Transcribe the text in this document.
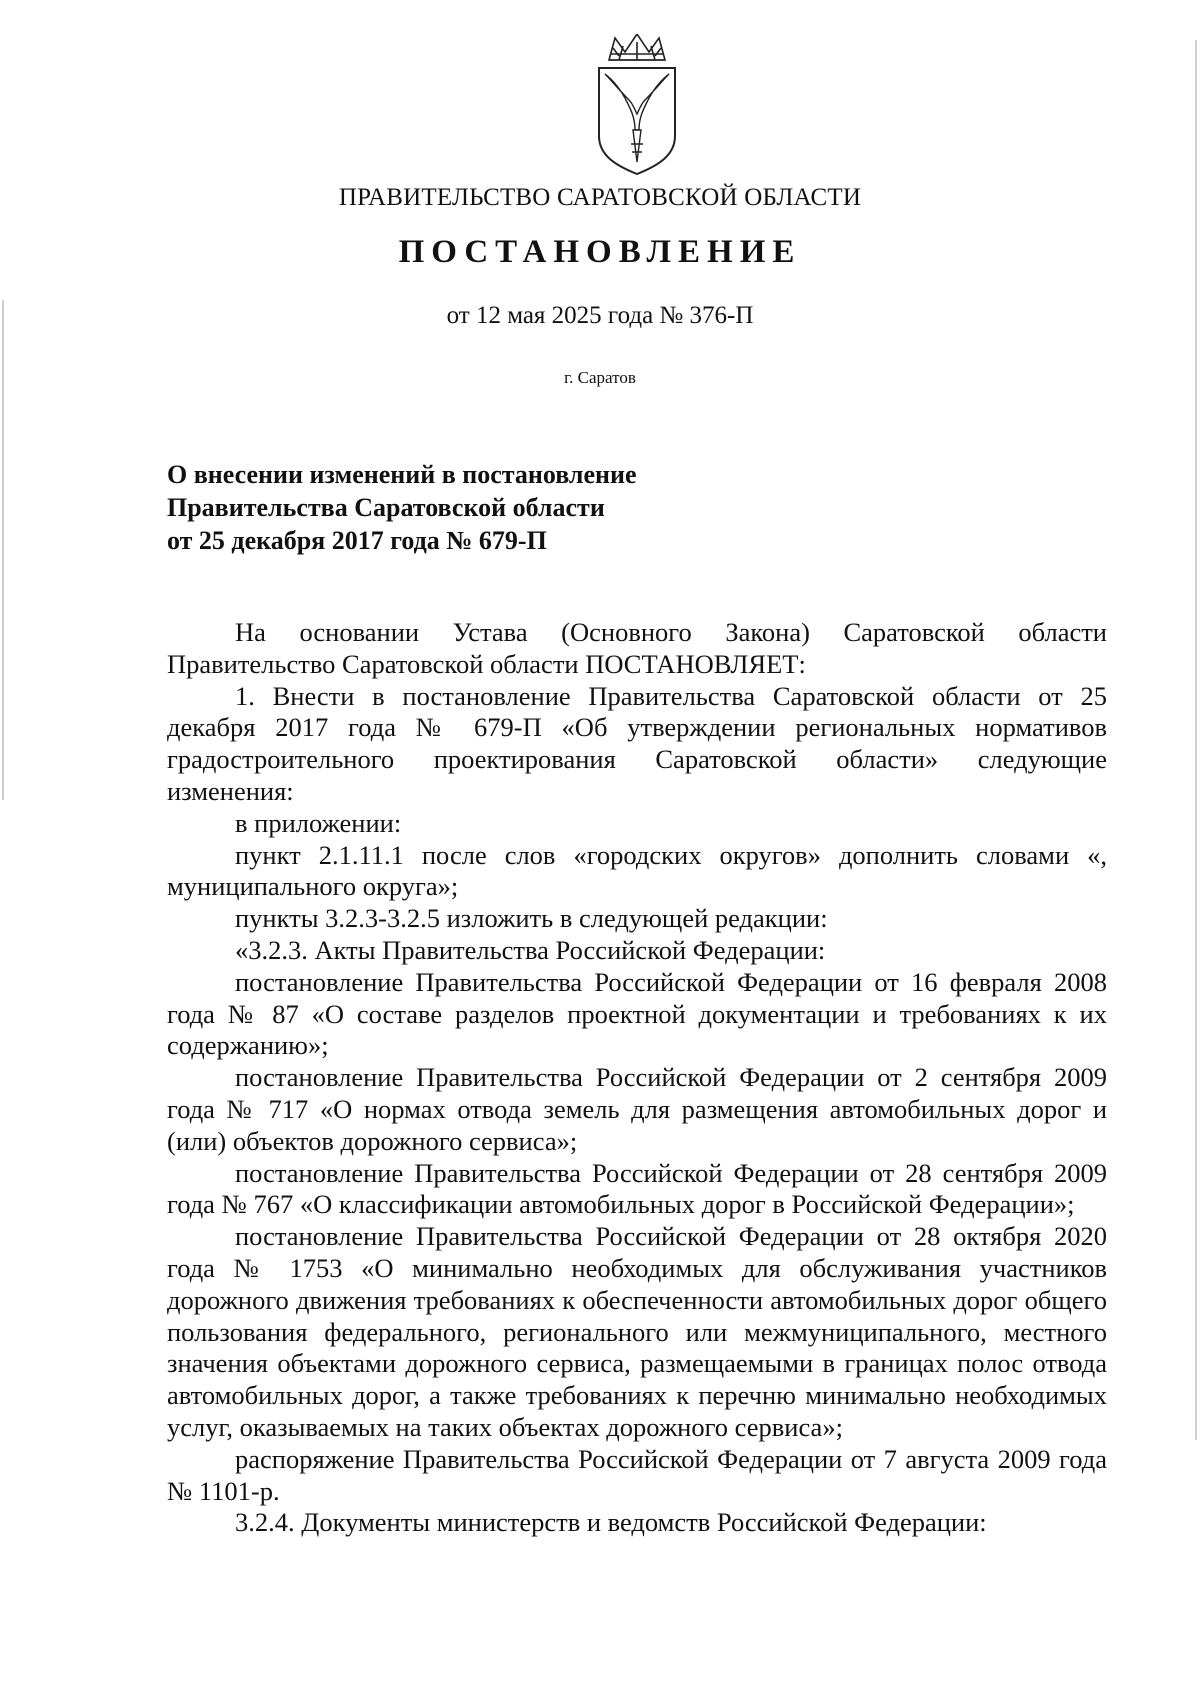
ПРАВИТЕЛЬСТВО САРАТОВСКОЙ ОБЛАСТИ
ПОСТАНОВЛЕНИЕ
от 12 мая 2025 года № 376-П
г. Саратов
О внесении изменений в постановление
Правительства Саратовской области
от 25 декабря 2017 года № 679-П

На основании Устава (Основного Закона) Саратовской области Правительство Саратовской области ПОСТАНОВЛЯЕТ:

1. Внести в постановление Правительства Саратовской области от 25 декабря 2017 года № 679-П «Об утверждении региональных нормативов градостроительного проектирования Саратовской области» следующие изменения:

в приложении:

пункт 2.1.11.1 после слов «городских округов» дополнить словами «, муниципального округа»;

пункты 3.2.3-3.2.5 изложить в следующей редакции:

«3.2.3. Акты Правительства Российской Федерации:

постановление Правительства Российской Федерации от 16 февраля 2008 года № 87 «О составе разделов проектной документации и требованиях к их содержанию»;

постановление Правительства Российской Федерации от 2 сентября 2009 года № 717 «О нормах отвода земель для размещения автомобильных дорог и (или) объектов дорожного сервиса»;

постановление Правительства Российской Федерации от 28 сентября 2009 года № 767 «О классификации автомобильных дорог в Российской Федерации»;

постановление Правительства Российской Федерации от 28 октября 2020 года № 1753 «О минимально необходимых для обслуживания участников дорожного движения требованиях к обеспеченности автомобильных дорог общего пользования федерального, регионального или межмуниципального, местного значения объектами дорожного сервиса, размещаемыми в границах полос отвода автомобильных дорог, а также требованиях к перечню минимально необходимых услуг, оказываемых на таких объектах дорожного сервиса»;

распоряжение Правительства Российской Федерации от 7 августа 2009 года № 1101-р.

3.2.4. Документы министерств и ведомств Российской Федерации:
